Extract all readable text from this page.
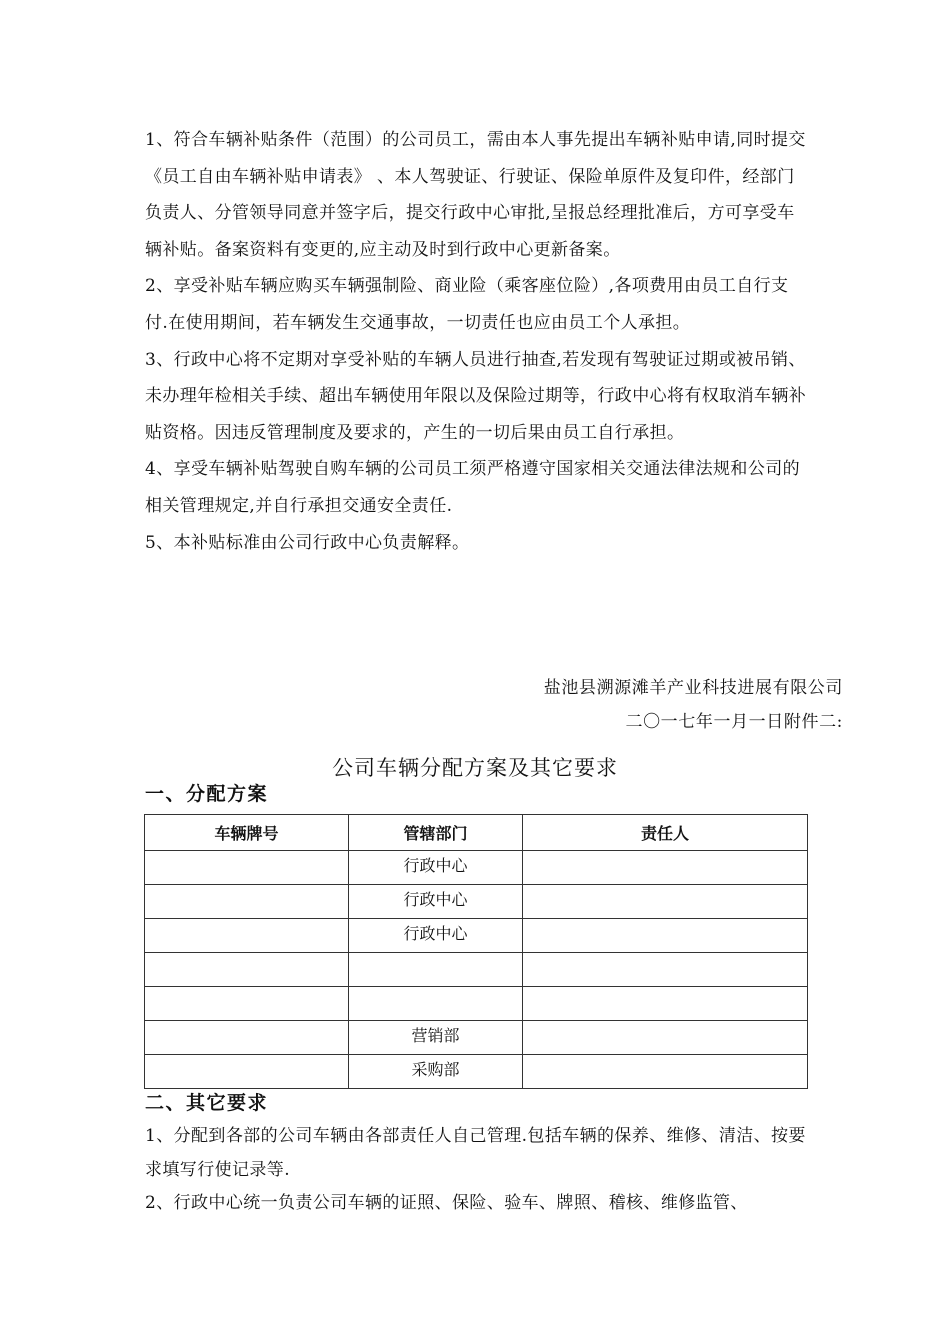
1、符合车辆补贴条件（范围）的公司员工，需由本人事先提出车辆补贴申请,同时提交《员工自由车辆补贴申请表》 、本人驾驶证、行驶证、保险单原件及复印件，经部门负责人、分管领导同意并签字后，提交行政中心审批,呈报总经理批准后，方可享受车辆补贴。备案资料有变更的,应主动及时到行政中心更新备案。

2、享受补贴车辆应购买车辆强制险、商业险（乘客座位险）,各项费用由员工自行支付.在使用期间，若车辆发生交通事故，一切责任也应由员工个人承担。

3、行政中心将不定期对享受补贴的车辆人员进行抽查,若发现有驾驶证过期或被吊销、未办理年检相关手续、超出车辆使用年限以及保险过期等，行政中心将有权取消车辆补贴资格。因违反管理制度及要求的，产生的一切后果由员工自行承担。

4、享受车辆补贴驾驶自购车辆的公司员工须严格遵守国家相关交通法律法规和公司的相关管理规定,并自行承担交通安全责任.

5、本补贴标准由公司行政中心负责解释。

盐池县溯源滩羊产业科技进展有限公司
二〇一七年一月一日附件二:
公司车辆分配方案及其它要求
一、分配方案
车辆牌号	管辖部门	责任人
	行政中心	
	行政中心	
	行政中心	

	营销部	
	采购部	
二、其它要求

1、分配到各部的公司车辆由各部责任人自己管理.包括车辆的保养、维修、清洁、按要求填写行使记录等.

2、行政中心统一负责公司车辆的证照、保险、验车、牌照、稽核、维修监管、
